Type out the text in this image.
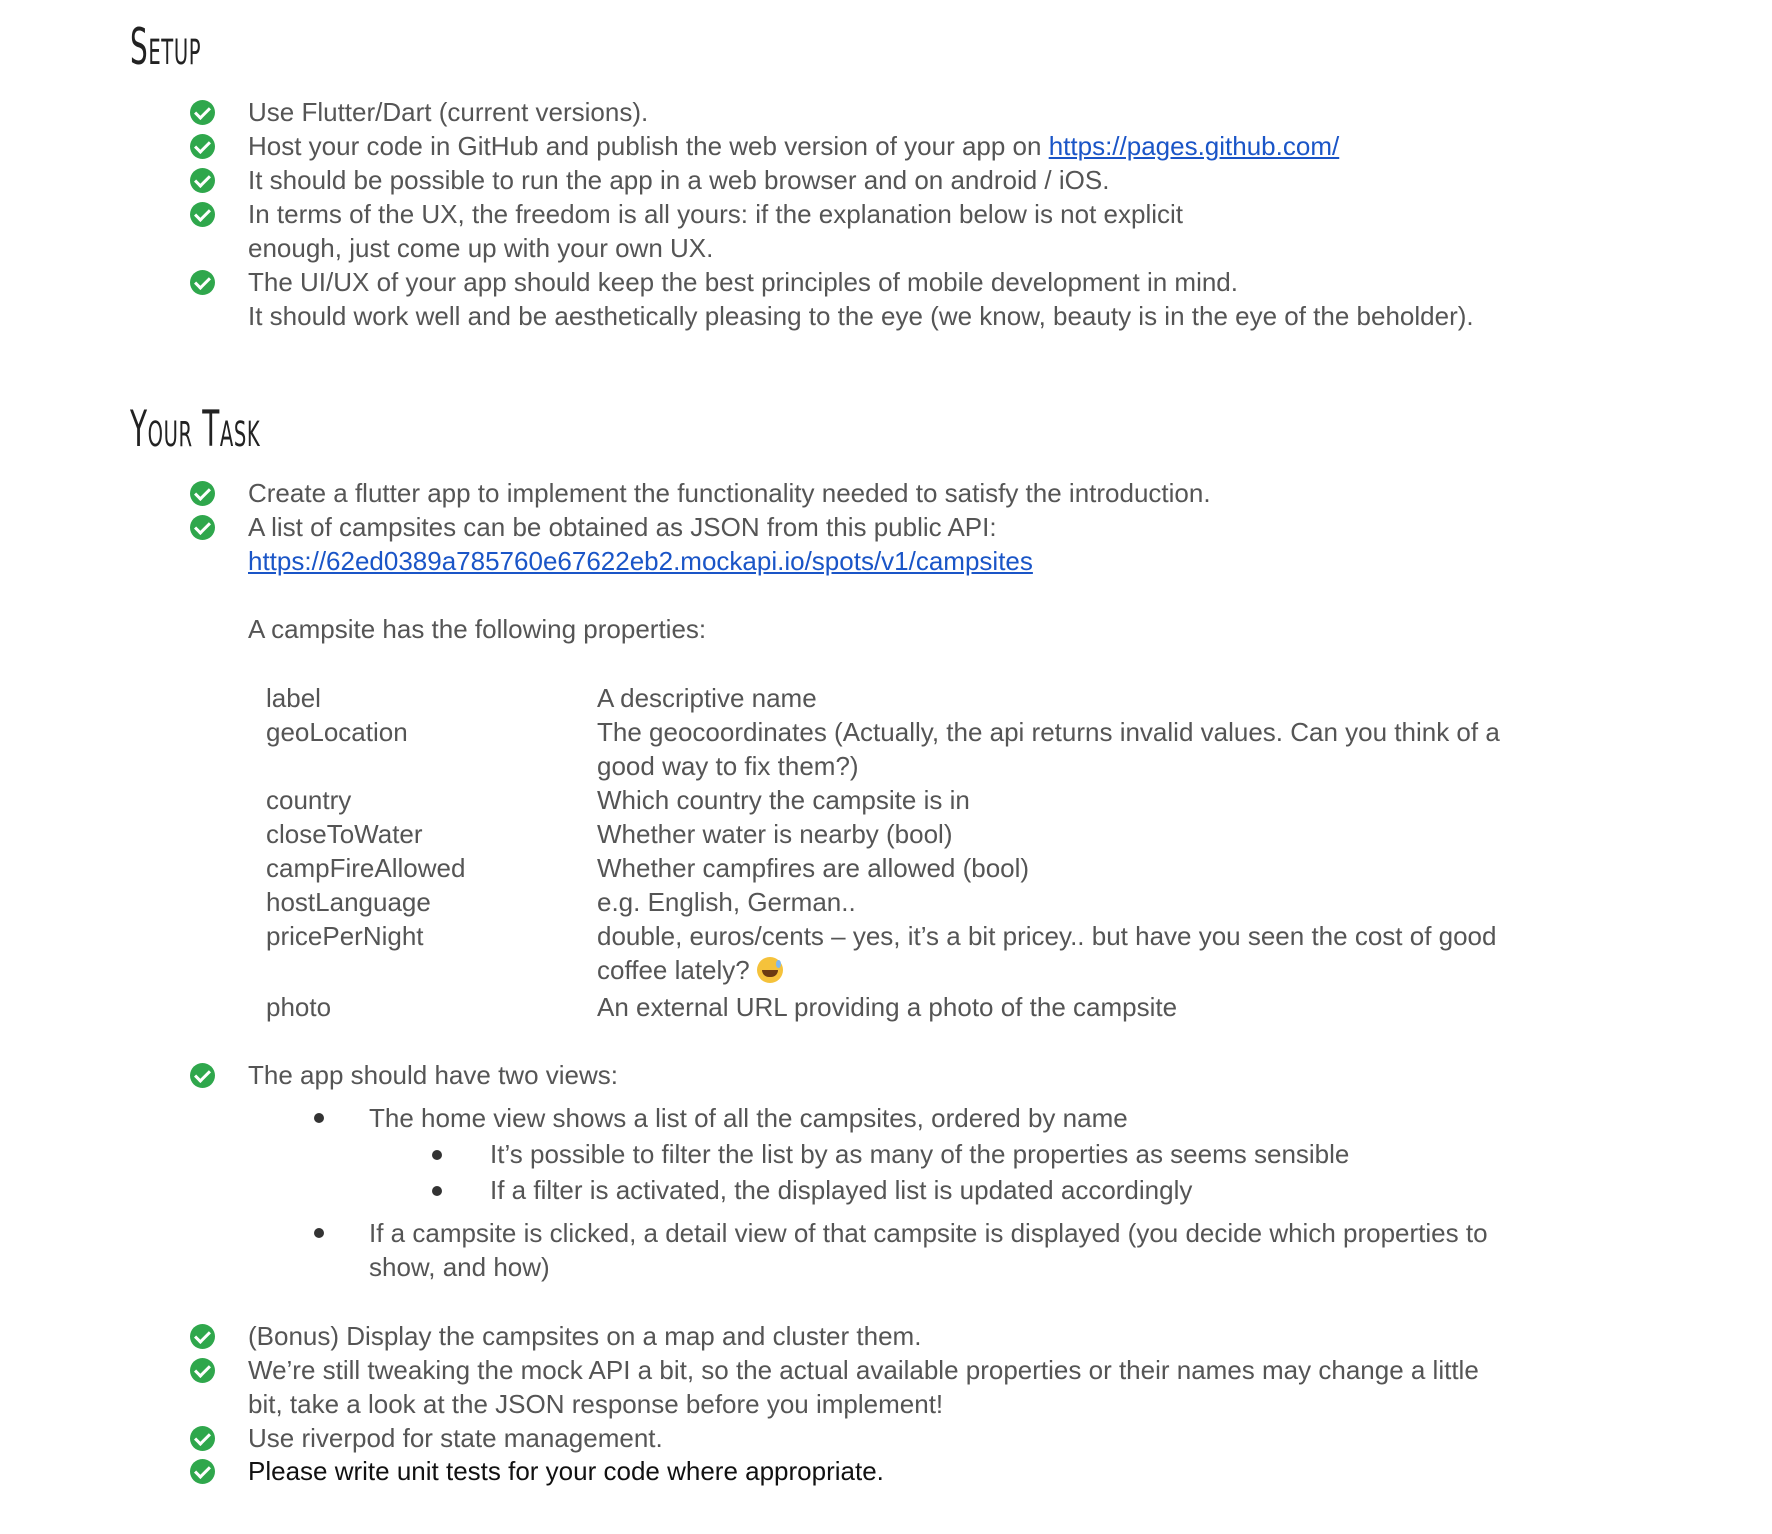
Setup
Use Flutter/Dart (current versions).
Host your code in GitHub and publish the web version of your app on https://pages.github.com/
It should be possible to run the app in a web browser and on android / iOS.
In terms of the UX, the freedom is all yours: if the explanation below is not explicit
enough, just come up with your own UX.
The UI/UX of your app should keep the best principles of mobile development in mind.
It should work well and be aesthetically pleasing to the eye (we know, beauty is in the eye of the beholder).
Your Task
Create a flutter app to implement the functionality needed to satisfy the introduction.
A list of campsites can be obtained as JSON from this public API:
https://62ed0389a785760e67622eb2.mockapi.io/spots/v1/campsites
A campsite has the following properties:
label	A descriptive name
geoLocation	The geocoordinates (Actually, the api returns invalid values. Can you think of a
good way to fix them?)
country	Which country the campsite is in
closeToWater	Whether water is nearby (bool)
campFireAllowed	Whether campfires are allowed (bool)
hostLanguage	e.g. English, German..
pricePerNight	double, euros/cents – yes, it’s a bit pricey.. but have you seen the cost of good
coffee lately?
photo	An external URL providing a photo of the campsite
The app should have two views:
The home view shows a list of all the campsites, ordered by name
It’s possible to filter the list by as many of the properties as seems sensible
If a filter is activated, the displayed list is updated accordingly
If a campsite is clicked, a detail view of that campsite is displayed (you decide which properties to
show, and how)
(Bonus) Display the campsites on a map and cluster them.
We’re still tweaking the mock API a bit, so the actual available properties or their names may change a little
bit, take a look at the JSON response before you implement!
Use riverpod for state management.
Please write unit tests for your code where appropriate.
